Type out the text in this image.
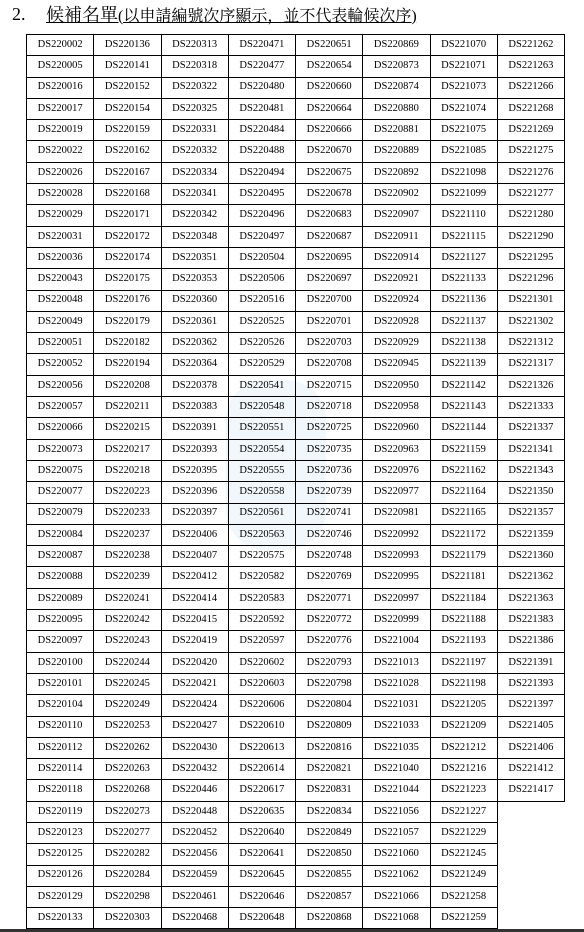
2.	候補名單 (以申請編號次序顯示，並不代表輪候次序)
DS220002	DS220136	DS220313	DS220471	DS220651	DS220869	DS221070	DS221262
DS220005	DS220141	DS220318	DS220477	DS220654	DS220873	DS221071	DS221263
DS220016	DS220152	DS220322	DS220480	DS220660	DS220874	DS221073	DS221266
DS220017	DS220154	DS220325	DS220481	DS220664	DS220880	DS221074	DS221268
DS220019	DS220159	DS220331	DS220484	DS220666	DS220881	DS221075	DS221269
DS220022	DS220162	DS220332	DS220488	DS220670	DS220889	DS221085	DS221275
DS220026	DS220167	DS220334	DS220494	DS220675	DS220892	DS221098	DS221276
DS220028	DS220168	DS220341	DS220495	DS220678	DS220902	DS221099	DS221277
DS220029	DS220171	DS220342	DS220496	DS220683	DS220907	DS221110	DS221280
DS220031	DS220172	DS220348	DS220497	DS220687	DS220911	DS221115	DS221290
DS220036	DS220174	DS220351	DS220504	DS220695	DS220914	DS221127	DS221295
DS220043	DS220175	DS220353	DS220506	DS220697	DS220921	DS221133	DS221296
DS220048	DS220176	DS220360	DS220516	DS220700	DS220924	DS221136	DS221301
DS220049	DS220179	DS220361	DS220525	DS220701	DS220928	DS221137	DS221302
DS220051	DS220182	DS220362	DS220526	DS220703	DS220929	DS221138	DS221312
DS220052	DS220194	DS220364	DS220529	DS220708	DS220945	DS221139	DS221317
DS220056	DS220208	DS220378	DS220541	DS220715	DS220950	DS221142	DS221326
DS220057	DS220211	DS220383	DS220548	DS220718	DS220958	DS221143	DS221333
DS220066	DS220215	DS220391	DS220551	DS220725	DS220960	DS221144	DS221337
DS220073	DS220217	DS220393	DS220554	DS220735	DS220963	DS221159	DS221341
DS220075	DS220218	DS220395	DS220555	DS220736	DS220976	DS221162	DS221343
DS220077	DS220223	DS220396	DS220558	DS220739	DS220977	DS221164	DS221350
DS220079	DS220233	DS220397	DS220561	DS220741	DS220981	DS221165	DS221357
DS220084	DS220237	DS220406	DS220563	DS220746	DS220992	DS221172	DS221359
DS220087	DS220238	DS220407	DS220575	DS220748	DS220993	DS221179	DS221360
DS220088	DS220239	DS220412	DS220582	DS220769	DS220995	DS221181	DS221362
DS220089	DS220241	DS220414	DS220583	DS220771	DS220997	DS221184	DS221363
DS220095	DS220242	DS220415	DS220592	DS220772	DS220999	DS221188	DS221383
DS220097	DS220243	DS220419	DS220597	DS220776	DS221004	DS221193	DS221386
DS220100	DS220244	DS220420	DS220602	DS220793	DS221013	DS221197	DS221391
DS220101	DS220245	DS220421	DS220603	DS220798	DS221028	DS221198	DS221393
DS220104	DS220249	DS220424	DS220606	DS220804	DS221031	DS221205	DS221397
DS220110	DS220253	DS220427	DS220610	DS220809	DS221033	DS221209	DS221405
DS220112	DS220262	DS220430	DS220613	DS220816	DS221035	DS221212	DS221406
DS220114	DS220263	DS220432	DS220614	DS220821	DS221040	DS221216	DS221412
DS220118	DS220268	DS220446	DS220617	DS220831	DS221044	DS221223	DS221417
DS220119	DS220273	DS220448	DS220635	DS220834	DS221056	DS221227	
DS220123	DS220277	DS220452	DS220640	DS220849	DS221057	DS221229	
DS220125	DS220282	DS220456	DS220641	DS220850	DS221060	DS221245	
DS220126	DS220284	DS220459	DS220645	DS220855	DS221062	DS221249	
DS220129	DS220298	DS220461	DS220646	DS220857	DS221066	DS221258	
DS220133	DS220303	DS220468	DS220648	DS220868	DS221068	DS221259	
